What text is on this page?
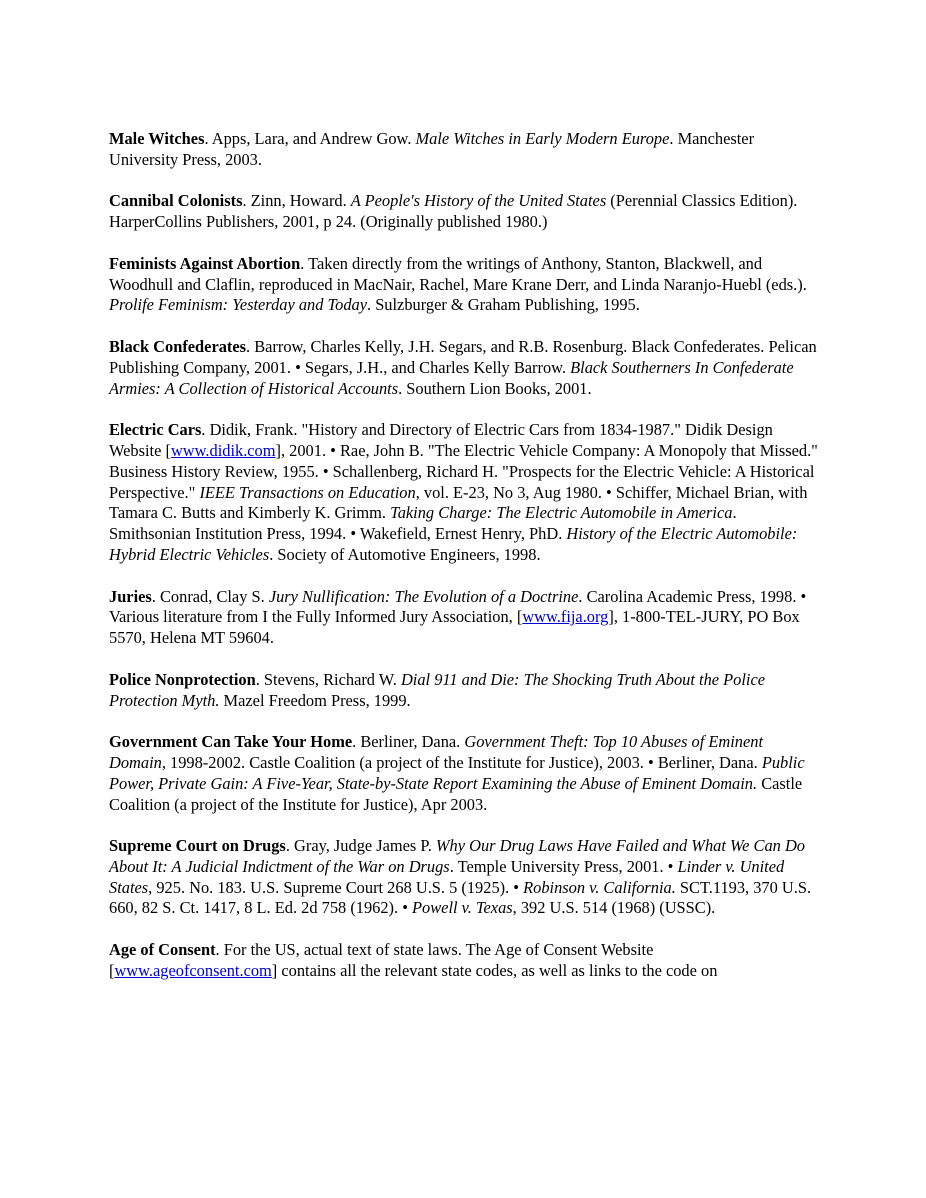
Male Witches. Apps, Lara, and Andrew Gow. Male Witches in Early Modern Europe. Manchester University Press, 2003.

Cannibal Colonists. Zinn, Howard. A People's History of the United States (Perennial Classics Edition). HarperCollins Publishers, 2001, p 24. (Originally published 1980.)

Feminists Against Abortion. Taken directly from the writings of Anthony, Stanton, Blackwell, and Woodhull and Claflin, reproduced in MacNair, Rachel, Mare Krane Derr, and Linda Naranjo-Huebl (eds.). Prolife Feminism: Yesterday and Today. Sulzburger & Graham Publishing, 1995.

Black Confederates. Barrow, Charles Kelly, J.H. Segars, and R.B. Rosenburg. Black Confederates. Pelican Publishing Company, 2001. • Segars, J.H., and Charles Kelly Barrow. Black Southerners In Confederate Armies: A Collection of Historical Accounts. Southern Lion Books, 2001.

Electric Cars. Didik, Frank. "History and Directory of Electric Cars from 1834-1987." Didik Design Website [www.didik.com], 2001. • Rae, John B. "The Electric Vehicle Company: A Monopoly that Missed." Business History Review, 1955. • Schallenberg, Richard H. "Prospects for the Electric Vehicle: A Historical Perspective." IEEE Transactions on Education, vol. E-23, No 3, Aug 1980. • Schiffer, Michael Brian, with Tamara C. Butts and Kimberly K. Grimm. Taking Charge: The Electric Automobile in America. Smithsonian Institution Press, 1994. • Wakefield, Ernest Henry, PhD. History of the Electric Automobile: Hybrid Electric Vehicles. Society of Automotive Engineers, 1998.

Juries. Conrad, Clay S. Jury Nullification: The Evolution of a Doctrine. Carolina Academic Press, 1998. • Various literature from I the Fully Informed Jury Association, [www.fija.org], 1-800-TEL-JURY, PO Box 5570, Helena MT 59604.

Police Nonprotection. Stevens, Richard W. Dial 911 and Die: The Shocking Truth About the Police Protection Myth. Mazel Freedom Press, 1999.

Government Can Take Your Home. Berliner, Dana. Government Theft: Top 10 Abuses of Eminent Domain, 1998-2002. Castle Coalition (a project of the Institute for Justice), 2003. • Berliner, Dana. Public Power, Private Gain: A Five-Year, State-by-State Report Examining the Abuse of Eminent Domain. Castle Coalition (a project of the Institute for Justice), Apr 2003.

Supreme Court on Drugs. Gray, Judge James P. Why Our Drug Laws Have Failed and What We Can Do About It: A Judicial Indictment of the War on Drugs. Temple University Press, 2001. • Linder v. United States, 925. No. 183. U.S. Supreme Court 268 U.S. 5 (1925). • Robinson v. California. SCT.1193, 370 U.S. 660, 82 S. Ct. 1417, 8 L. Ed. 2d 758 (1962). • Powell v. Texas, 392 U.S. 514 (1968) (USSC).

Age of Consent. For the US, actual text of state laws. The Age of Consent Website [www.ageofconsent.com] contains all the relevant state codes, as well as links to the code on
